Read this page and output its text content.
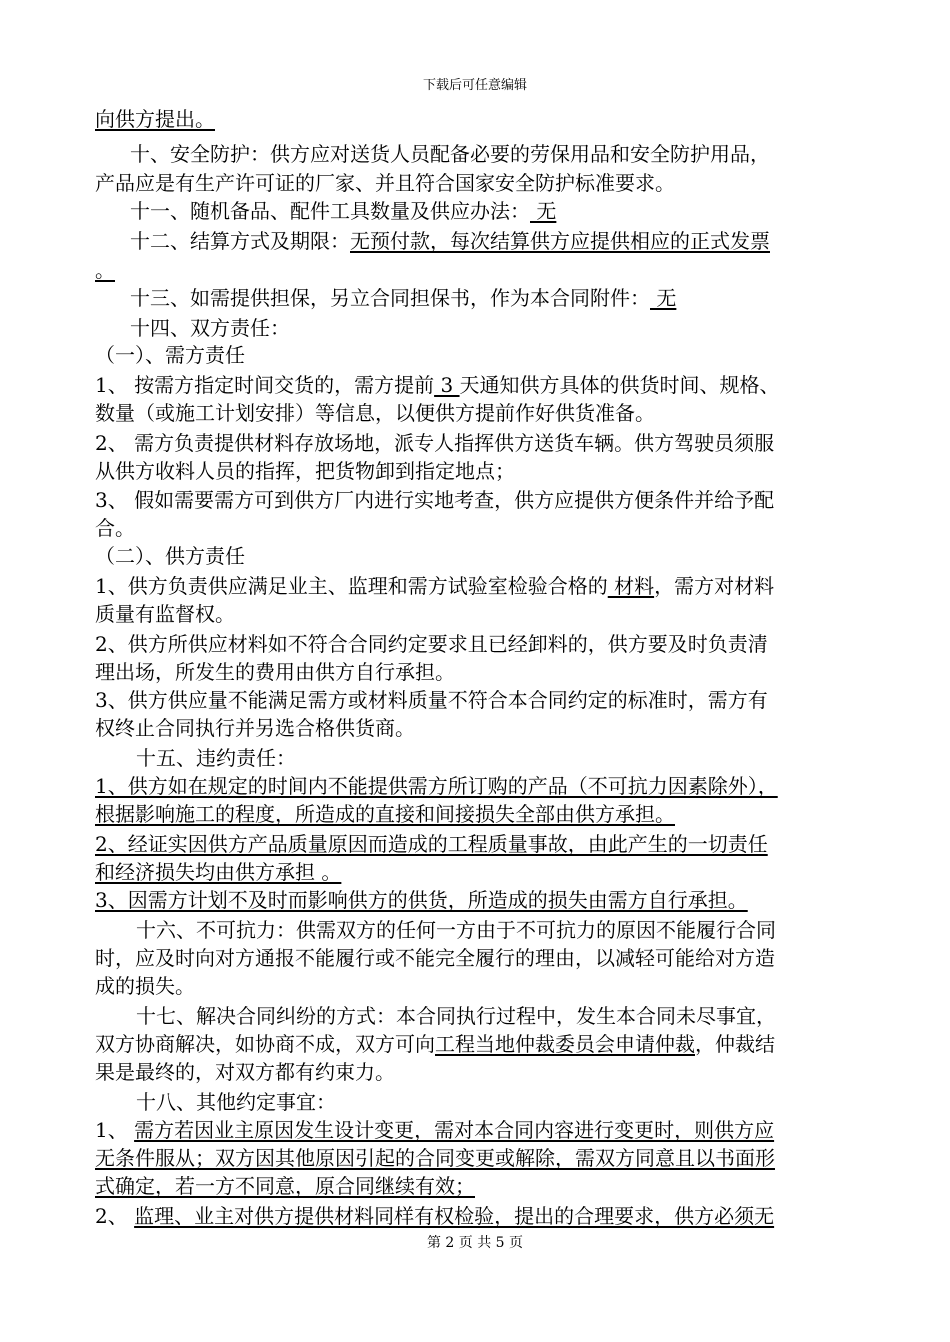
下载后可任意编辑
向供方提出。
十、安全防护：供方应对送货人员配备必要的劳保用品和安全防护用品，
产品应是有生产许可证的厂家、并且符合国家安全防护标准要求。
十一、随机备品、配件工具数量及供应办法： 无
十二、结算方式及期限：无预付款，每次结算供方应提供相应的正式发票
。
十三、如需提供担保，另立合同担保书，作为本合同附件： 无
十四、双方责任：
（一）、需方责任
1、 按需方指定时间交货的，需方提前 3 天通知供方具体的供货时间、规格、
数量（或施工计划安排）等信息，以便供方提前作好供货准备。
2、 需方负责提供材料存放场地，派专人指挥供方送货车辆。供方驾驶员须服
从供方收料人员的指挥，把货物卸到指定地点；
3、 假如需要需方可到供方厂内进行实地考查，供方应提供方便条件并给予配
合。
（二）、供方责任
1、供方负责供应满足业主、监理和需方试验室检验合格的 材料，需方对材料
质量有监督权。
2、供方所供应材料如不符合合同约定要求且已经卸料的，供方要及时负责清
理出场，所发生的费用由供方自行承担。
3、供方供应量不能满足需方或材料质量不符合本合同约定的标准时，需方有
权终止合同执行并另选合格供货商。
十五、违约责任：
1、供方如在规定的时间内不能提供需方所订购的产品（不可抗力因素除外），
根据影响施工的程度，所造成的直接和间接损失全部由供方承担。
2、经证实因供方产品质量原因而造成的工程质量事故，由此产生的一切责任
和经济损失均由供方承担 。
3、因需方计划不及时而影响供方的供货，所造成的损失由需方自行承担。
十六、不可抗力：供需双方的任何一方由于不可抗力的原因不能履行合同
时，应及时向对方通报不能履行或不能完全履行的理由，以减轻可能给对方造
成的损失。
十七、解决合同纠纷的方式：本合同执行过程中，发生本合同未尽事宜，
双方协商解决，如协商不成，双方可向工程当地仲裁委员会申请仲裁，仲裁结
果是最终的，对双方都有约束力。
十八、其他约定事宜：
1、 需方若因业主原因发生设计变更，需对本合同内容进行变更时，则供方应
无条件服从；双方因其他原因引起的合同变更或解除，需双方同意且以书面形
式确定，若一方不同意，原合同继续有效；
2、 监理、业主对供方提供材料同样有权检验，提出的合理要求，供方必须无
第 2 页 共 5 页
